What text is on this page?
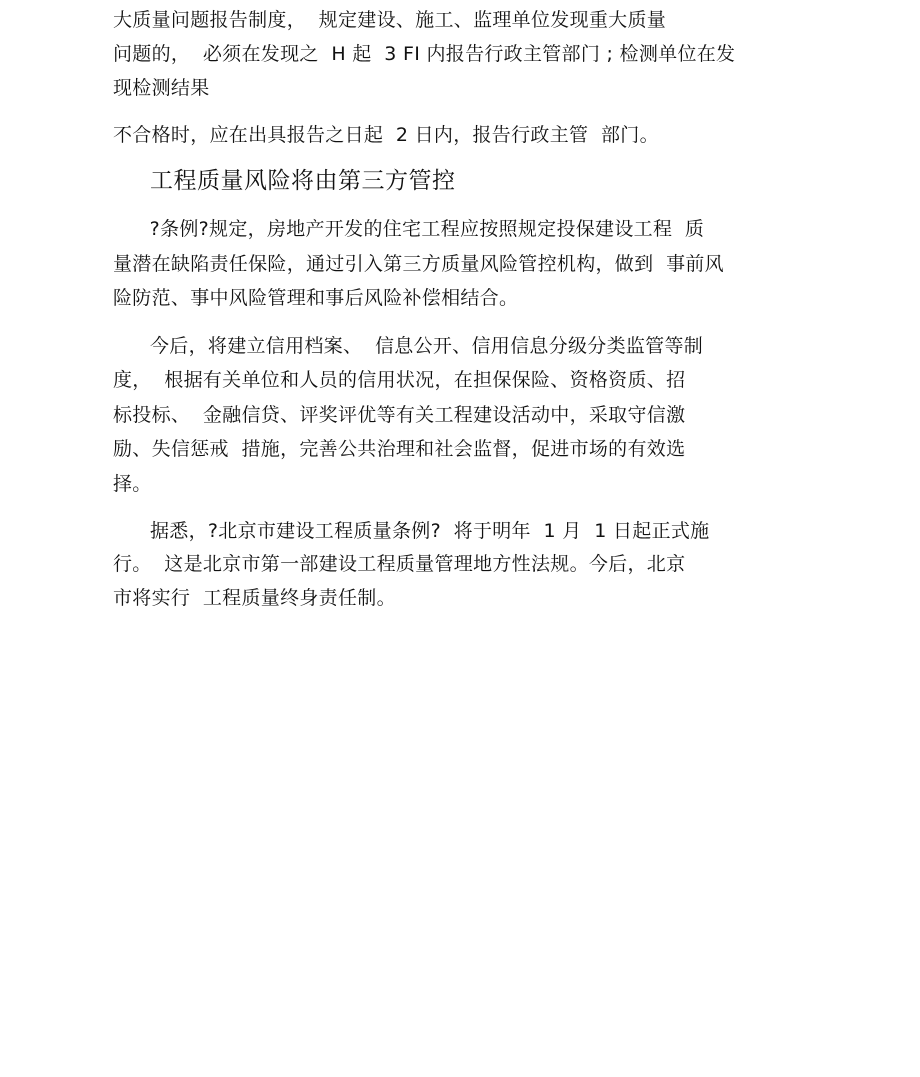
大质量问题报告制度，  规定建设、施工、监理单位发现重大质量
问题的，  必须在发现之  H 起  3 FI 内报告行政主管部门 ; 检测单位在发
现检测结果
不合格时，应在出具报告之日起  2 日内，报告行政主管  部门。
工程质量风险将由第三方管控
?条例?规定，房地产开发的住宅工程应按照规定投保建设工程  质
量潜在缺陷责任保险，通过引入第三方质量风险管控机构，做到  事前风
险防范、事中风险管理和事后风险补偿相结合。
今后，将建立信用档案、  信息公开、信用信息分级分类监管等制
度，  根据有关单位和人员的信用状况，在担保保险、资格资质、招
标投标、  金融信贷、评奖评优等有关工程建设活动中，采取守信激
励、失信惩戒  措施，完善公共治理和社会监督，促进市场的有效选
择。
据悉，?北京市建设工程质量条例?  将于明年  1 月  1 日起正式施
行。  这是北京市第一部建设工程质量管理地方性法规。今后，北京
市将实行  工程质量终身责任制。
